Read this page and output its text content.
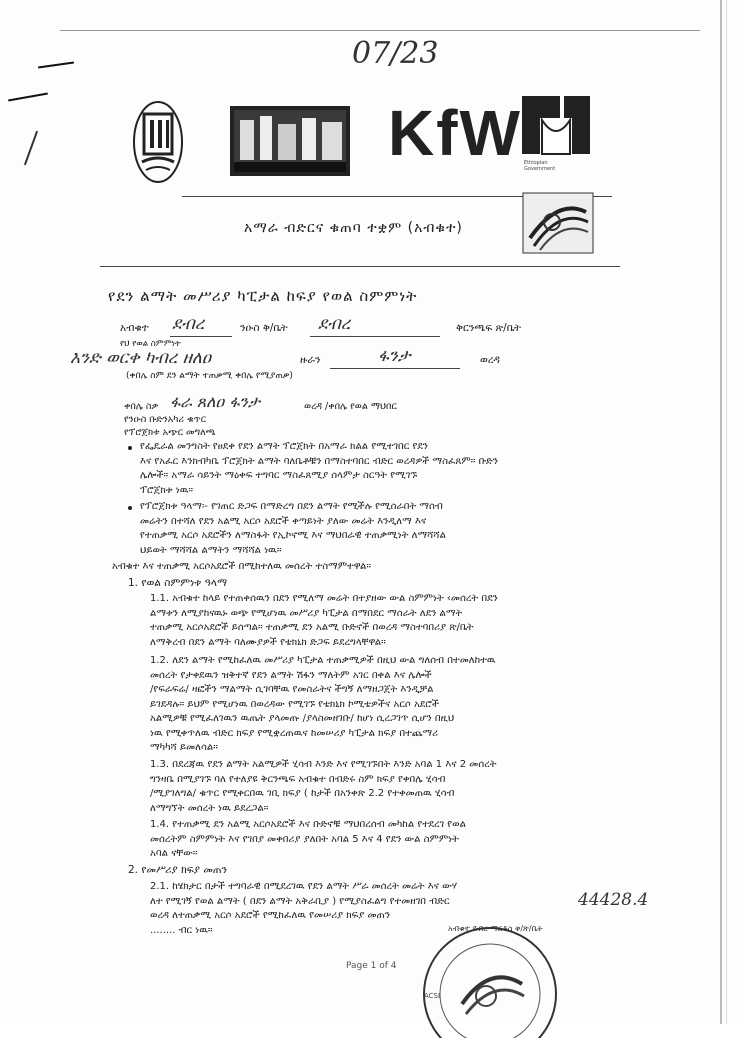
07/23
KfW Ethiopian Government
አማራ ብድርና ቁጠባ ተቋም (አብቁተ)
የደን ልማት መሥሪያ ካፒታል ከፍያ የወል ስምምነት
አብቁተ ደብረ	ንዑስ ቅ/ቤት ደብረ	ቅርንጫፍ ጽ/ቤት
የህ የወል ስምምነት
እንድ ወርቀ ካብረ ዘለዐ	ዙራን	ፋንታ	ወረዳ
(ቀበሌ ስም ደን ልማት ተጠቃሚ ቀበሌ የሚያጠቃ)
ቀበሌ ስቃ ፋራ ጸለዐ ፋንታ	ወረዳ /ቀበሌ የወል ማህበር
የንዑስ ቡድንአካሪ ቁጥር
የፕሮጀክቱ አጭር መግለጫ

የፌዴራል መንግስት የፀደቀ የደን ልማት ፕሮጀክት በአማራ ክልል የሚተገበር የደን

እና የአፈር እንክብካቤ ፕሮጀክት ልማት ባለቤቶቹን በማስተባበር ብድር ወረዳዎች ማስፈጸም። ቡድን

ሌሎች። አማራ ሳይንት ማዕቀፍ ተግባር ማስፈጸሚያ ሰላምታ ስርዓት የሚገኙ

ፕሮጀክቱ ነዉ።

የፕሮጀክቱ ዓላማ፡- የገጠር ድጋፍ በማድረግ በደን ልማት የሚችሉ የሚሰራበት ማሰብ

መሬትን በተሻለ የደን አልሚ አርሶ አደሮች ቀጣይነት ያለው መሬት እንዲለማ እና

የተጠቃሚ አርሶ አደሮችን ለማስፋት የኢኮኖሚ እና ማህበራዊ ተጠቃሚነት ለማሻሻል

ህይወት ማሻሻል ልማትን ማሻሻል ነዉ።

አብቁተ እና ተጠቃሚ አርሶአደሮች በሚከተለዉ መሰረት ተስማምተዋል።
1. የወል ስምምነቱ ዓላማ

1.1. አብቁተ ከላይ የተጠቀሰዉን በደን የሚለማ መሬት በተያዘው ውል ስምምነት ‹መሰረት በደን

ልማቱን ለሚያከናዉኑ ወጭ የሚሆነዉ መሥሪያ ካፒታል በማበደር ማሰራት ለደን ልማት

ተጠቃሚ አርሶአደሮች ይሰጣል። ተጠቃሚ ደን አልሚ ቡድኖች በወረዳ ማስተባበሪያ ጽ/ቤት

ለማቅረብ በደን ልማት ባለሙያዎች የቴክኒክ ድጋፍ ይደረግላቸዋል።

1.2. ለደን ልማት የሚከፈለዉ መሥሪያ ካፒታል ተጠቃሚዎች በዚህ ውል ግለሰብ በተመለከተዉ

መሰረት የታቀደዉን ዝቅተኛ የደን ልማት ሽፋን ማለትም አገር በቀል እና ሌሎች

/የፍራፍሬ/ ዛፎችን ማልማት ሲገባቸዉ የመስራትና ችግኝ ለማዘጋጀት እንዲቻል

ይገደዳሉ። ይህም የሚሆነዉ በወረዳው የሚገኙ የቴክኒክ ኮሚቴዎችና አርሶ አደሮች

አልሚዎቹ የሚፈለገዉን ዉጤት ያላመጡ /ያላስመዘገቡ/ ከሆነ ሲረጋገጥ ሲሆን በዚህ

ነዉ የሚቀጥለዉ ብድር ክፍያ የሚቋረጠዉና ከመሠሪያ ካፒታል ክፍያ በተጨማሪ

ማካካሻ ይመለሳል።

1.3. በደረጃዉ የደን ልማት አልሚዎች ሂሳብ እንድ እና የሚገኙበት እንድ አባል 1 እና 2 መሰረት

ግንዛቤ በሚያገኙ ባለ የተለያዩ ቅርንጫፍ አብቁተ በብድሩ ስም ክፍያ የቀበሌ ሂሳብ

/ሚያገለግል/ ቁጥር የሚቀርበዉ ገቢ ክፍያ ( ከታች በአንቀጽ 2.2 የተቀመጠዉ ሂሳብ

ለማግኘት መሰረት ነዉ ይደረጋል።

1.4. የተጠቃሚ ደን አልሚ አርሶአደሮች እና ቡድኖቹ ማህበረሰብ መካከል የተደረገ የወል

መሰረትም ስምምነት እና የገበያ መቀበሪያ ያለበት አባል 5 እና 4 የደን ውል ስምምነት

አባል ናቸው።

2. የመሥሪያ ክፍያ መጠን

2.1. ከሄክታር በታች ተግባራዊ በሚደረገዉ የደን ልማት ሥራ መሰረት መሬት እና ውሃ

ለተ የሚገኝ የወል ልማት ( በደን ልማት አቅራቢያ ) የሚያስፈልግ የተመዘገበ ብድር

ወረዳ ለተጠቃሚ አርሶ አደሮች የሚከፈለዉ የመሠሪያ ክፍያ መጠን

........ ብር ነዉ።

44428.4
Page 1 of 4
አብቁተ ደብረ ማርቆስ ቅ/ጽ/ቤት
ACSI
